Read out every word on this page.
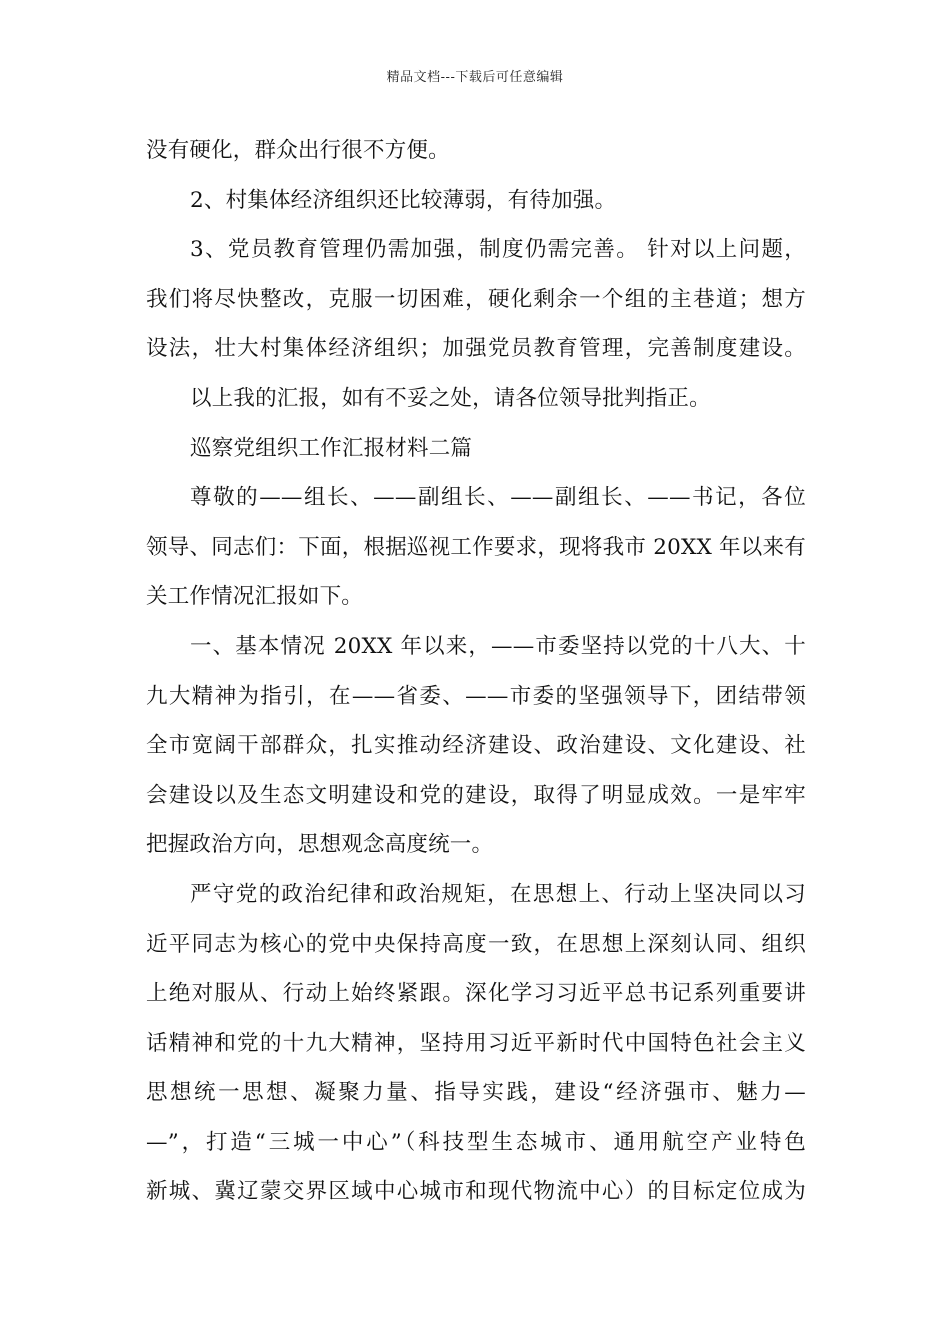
精品文档---下载后可任意编辑
没有硬化，群众出行很不方便。
2、村集体经济组织还比较薄弱，有待加强。
3、党员教育管理仍需加强，制度仍需完善。 针对以上问题，
我们将尽快整改，克服一切困难，硬化剩余一个组的主巷道；想方
设法，壮大村集体经济组织；加强党员教育管理，完善制度建设。
以上我的汇报，如有不妥之处，请各位领导批判指正。
巡察党组织工作汇报材料二篇
尊敬的——组长、——副组长、——副组长、——书记，各位
领导、同志们：下面，根据巡视工作要求，现将我市 20XX 年以来有
关工作情况汇报如下。
一、基本情况 20XX 年以来，——市委坚持以党的十八大、十
九大精神为指引，在——省委、——市委的坚强领导下，团结带领
全市宽阔干部群众，扎实推动经济建设、政治建设、文化建设、社
会建设以及生态文明建设和党的建设，取得了明显成效。一是牢牢
把握政治方向，思想观念高度统一。
严守党的政治纪律和政治规矩，在思想上、行动上坚决同以习
近平同志为核心的党中央保持高度一致，在思想上深刻认同、组织
上绝对服从、行动上始终紧跟。深化学习习近平总书记系列重要讲
话精神和党的十九大精神，坚持用习近平新时代中国特色社会主义
思想统一思想、凝聚力量、指导实践，建设“经济强市、魅力—
—”，打造“三城一中心”（科技型生态城市、通用航空产业特色
新城、冀辽蒙交界区域中心城市和现代物流中心）的目标定位成为
